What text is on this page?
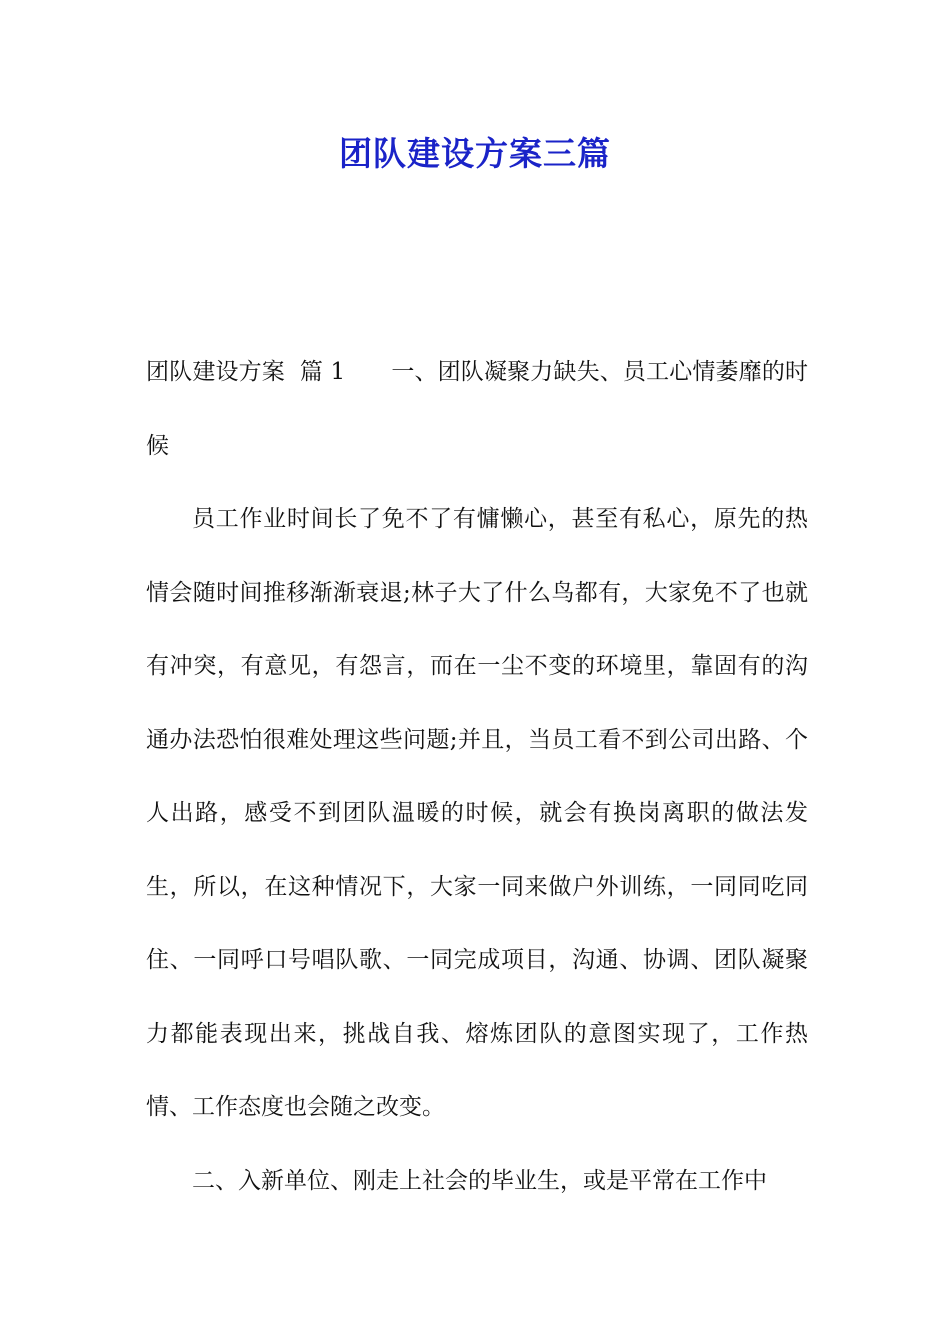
团队建设方案三篇

团队建设方案 篇 1 一、团队凝聚力缺失、员工心情萎靡的时候

员工作业时间长了免不了有慵懒心，甚至有私心，原先的热情会随时间推移渐渐衰退;林子大了什么鸟都有，大家免不了也就有冲突，有意见，有怨言，而在一尘不变的环境里，靠固有的沟通办法恐怕很难处理这些问题;并且，当员工看不到公司出路、个人出路，感受不到团队温暖的时候，就会有换岗离职的做法发生，所以，在这种情况下，大家一同来做户外训练，一同同吃同住、一同呼口号唱队歌、一同完成项目，沟通、协调、团队凝聚力都能表现出来，挑战自我、熔炼团队的意图实现了，工作热情、工作态度也会随之改变。

二、入新单位、刚走上社会的毕业生，或是平常在工作中
